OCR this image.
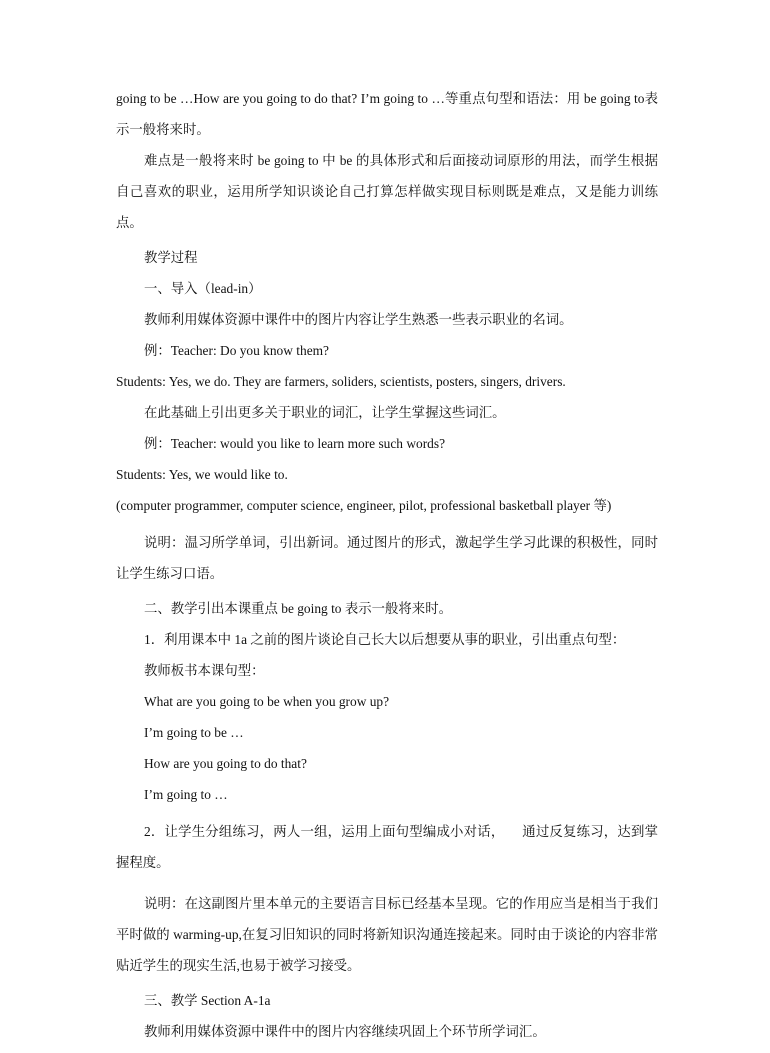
going to be …How are you going to do that? I’m going to …等重点句型和语法：用 be going to表示一般将来时。

难点是一般将来时 be going to 中 be 的具体形式和后面接动词原形的用法，而学生根据自己喜欢的职业，运用所学知识谈论自己打算怎样做实现目标则既是难点，又是能力训练点。

教学过程

一、导入（lead-in）

教师利用媒体资源中课件中的图片内容让学生熟悉一些表示职业的名词。

例：Teacher: Do you know them?

Students: Yes, we do. They are farmers, soliders, scientists, posters, singers, drivers.

在此基础上引出更多关于职业的词汇，让学生掌握这些词汇。

例：Teacher: would you like to learn more such words?

Students: Yes, we would like to.

(computer programmer, computer science, engineer, pilot, professional basketball player 等)

说明：温习所学单词，引出新词。通过图片的形式，激起学生学习此课的积极性，同时让学生练习口语。

二、教学引出本课重点 be going to 表示一般将来时。

1．利用课本中 1a 之前的图片谈论自己长大以后想要从事的职业，引出重点句型：

教师板书本课句型：

What are you going to be when you grow up?

I’m going to be …

How are you going to do that?

I’m going to …

2．让学生分组练习，两人一组，运用上面句型编成小对话，     通过反复练习，达到掌握程度。

说明：在这副图片里本单元的主要语言目标已经基本呈现。它的作用应当是相当于我们平时做的 warming-up,在复习旧知识的同时将新知识沟通连接起来。同时由于谈论的内容非常贴近学生的现实生活,也易于被学习接受。

三、教学 Section A-1a

教师利用媒体资源中课件中的图片内容继续巩固上个环节所学词汇。
